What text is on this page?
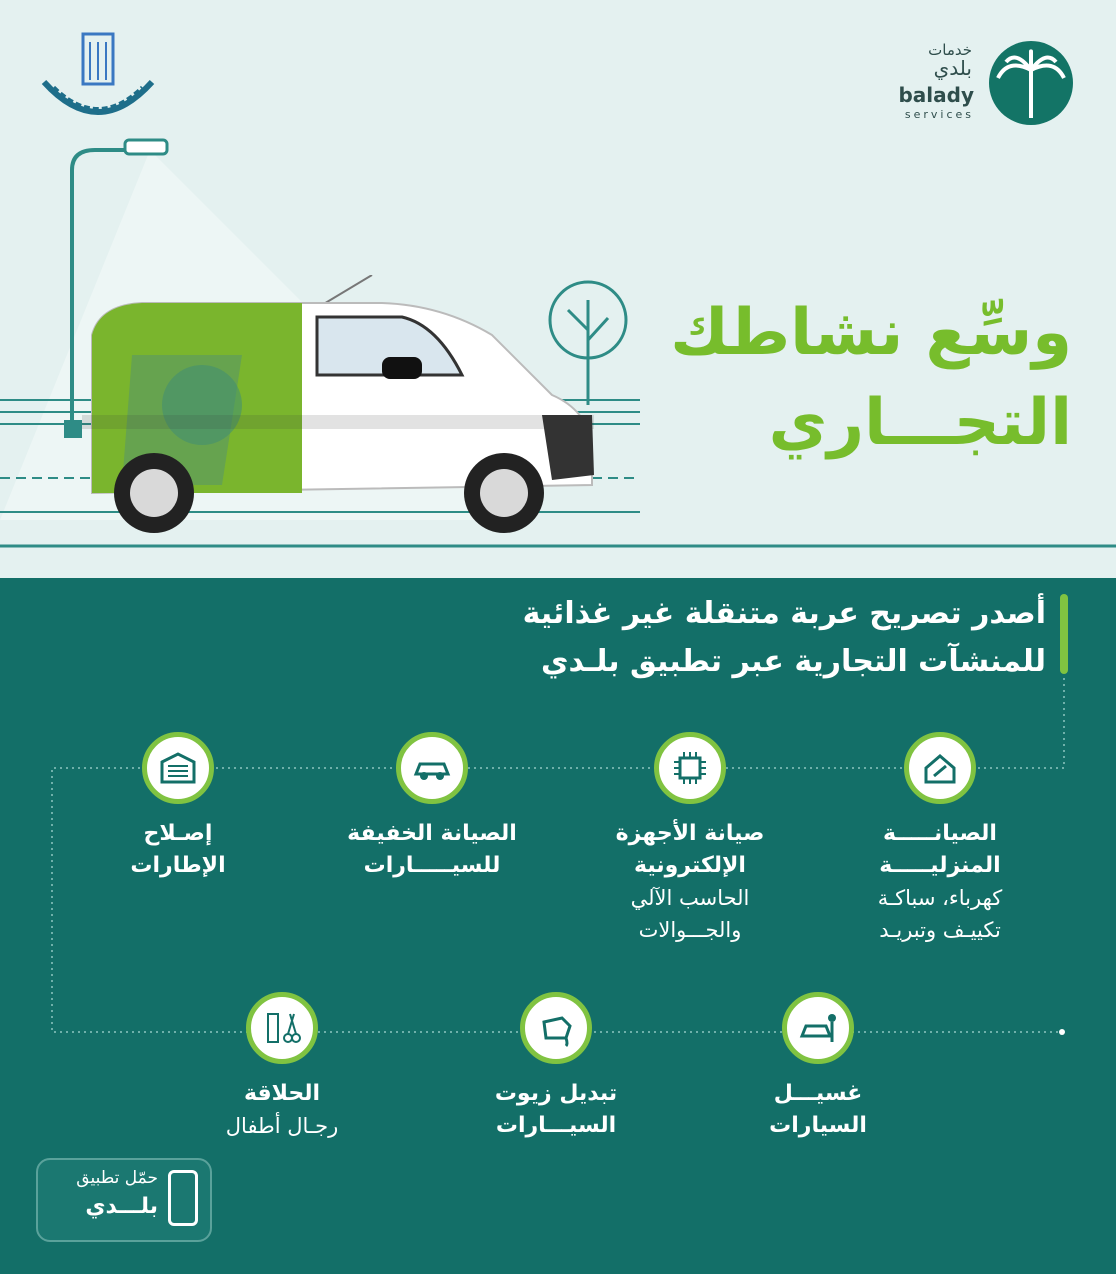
خدمات
بلدي
balady
services
وسِّع نشاطك
التجـــاري
أصدر تصريح عربة متنقلة غير غذائية
للمنشآت التجارية عبر تطبيق بلـدي
الصيانـــــة
المنزليـــــة
كهرباء، سباكـة
تكييـف وتبريـد
صيانة الأجهزة
الإلكترونية
الحاسب الآلي
والجـــوالات
الصيانة الخفيفة
للسيـــــارات
إصـلاح
الإطارات
غسيـــل
السيارات
تبديل زيوت
السيـــارات
الحلاقة
رجـال أطفال
حمّل تطبيق
بلـــدي
